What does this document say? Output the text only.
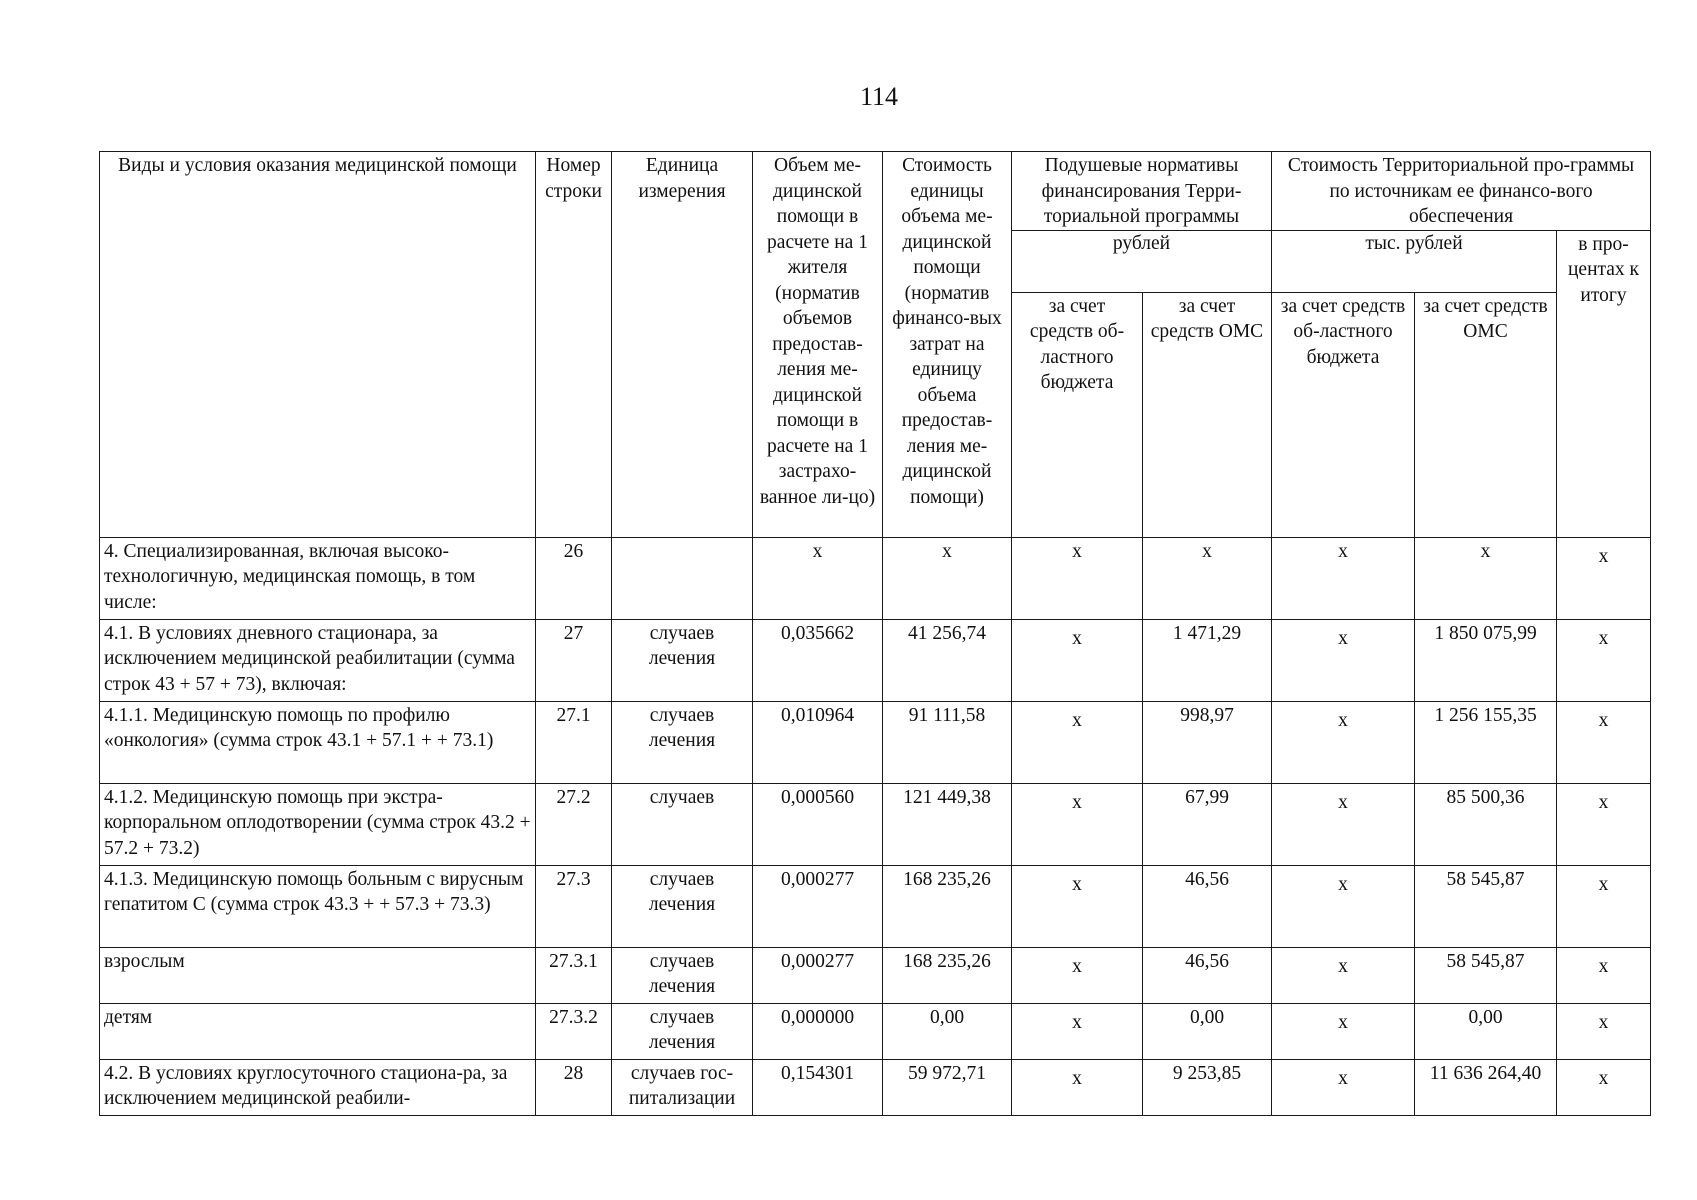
114
Виды и условия оказания медицинской помощи	Номер строки	Единица измерения	Объем ме-дицинской помощи в расчете на 1 жителя (норматив объемов предостав-ления ме-дицинской помощи в расчете на 1 застрахо-ванное ли-цо)	Стоимость единицы объема ме-дицинской помощи (норматив финансо-вых затрат на единицу объема предостав-ления ме-дицинской помощи)	Подушевые нормативы финансирования Терри-ториальной программы		Стоимость Территориальной про-граммы по источникам ее финансо-вого обеспечения		
					рублей		тыс. рублей		в про-центах к итогу
					за счет средств об-ластного бюджета	за счет средств ОМС	за счет средств об-ластного бюджета	за счет средств ОМС	
4. Специализированная, включая высоко-технологичную, медицинская помощь, в том числе:	26		х	х	х	х	х	х	х
4.1. В условиях дневного стационара, за исключением медицинской реабилитации (сумма строк 43 + 57 + 73), включая:	27	случаев лечения	0,035662	41 256,74	х	1 471,29	х	1 850 075,99	х
4.1.1. Медицинскую помощь по профилю «онкология» (сумма строк 43.1 + 57.1 + + 73.1)	27.1	случаев лечения	0,010964	91 111,58	х	998,97	х	1 256 155,35	х
4.1.2. Медицинскую помощь при экстра-корпоральном оплодотворении (сумма строк 43.2 + 57.2 + 73.2)	27.2	случаев	0,000560	121 449,38	х	67,99	х	85 500,36	х
4.1.3. Медицинскую помощь больным с вирусным гепатитом С (сумма строк 43.3 + + 57.3 + 73.3)	27.3	случаев лечения	0,000277	168 235,26	х	46,56	х	58 545,87	х
взрослым	27.3.1	случаев лечения	0,000277	168 235,26	х	46,56	х	58 545,87	х
детям	27.3.2	случаев лечения	0,000000	0,00	х	0,00	х	0,00	х
4.2. В условиях круглосуточного стациона-ра, за исключением медицинской реабили-	28	случаев гос-питализации	0,154301	59 972,71	х	9 253,85	х	11 636 264,40	х
